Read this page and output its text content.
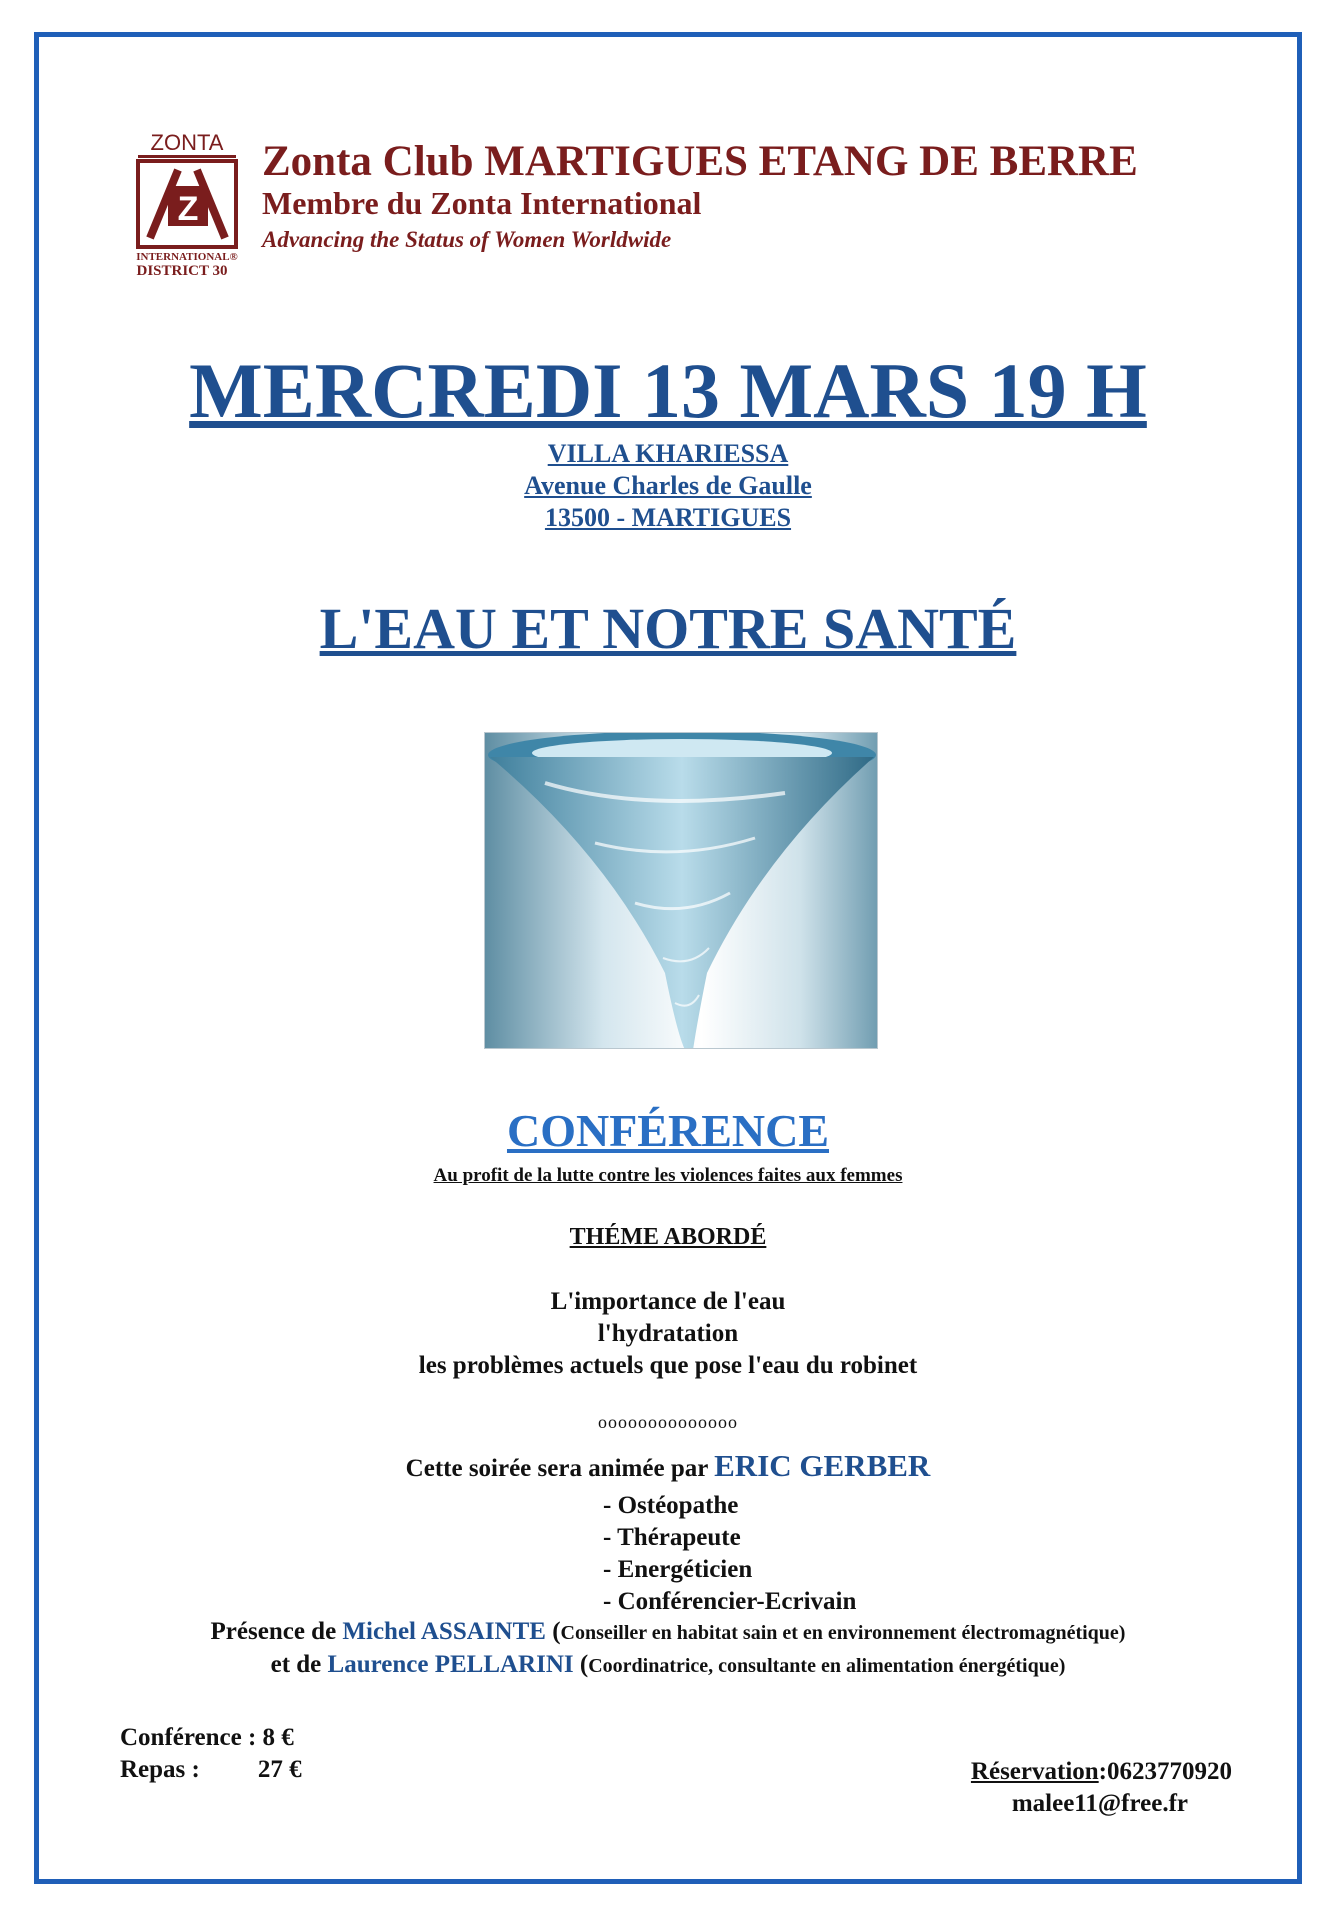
ZONTA
Z
INTERNATIONAL®
DISTRICT 30
Zonta Club MARTIGUES ETANG DE BERRE
Membre du Zonta International
Advancing the Status of Women Worldwide
MERCREDI 13 MARS 19 H
VILLA KHARIESSA
Avenue Charles de Gaulle
13500 - MARTIGUES
L'EAU ET NOTRE SANTÉ
CONFÉRENCE
Au profit de la lutte contre les violences faites aux femmes
THÉME ABORDÉ
L'importance de l'eau
l'hydratation
les problèmes actuels que pose l'eau du robinet
oooooooooooooo
Cette soirée sera animée par ERIC GERBER
- Ostéopathe
- Thérapeute
- Energéticien
- Conférencier-Ecrivain
Présence de Michel ASSAINTE (Conseiller en habitat sain et en environnement électromagnétique)
et de Laurence PELLARINI (Coordinatrice, consultante en alimentation énergétique)
Conférence : 8 €
Repas : 27 €	Réservation:0623770920
malee11@free.fr
